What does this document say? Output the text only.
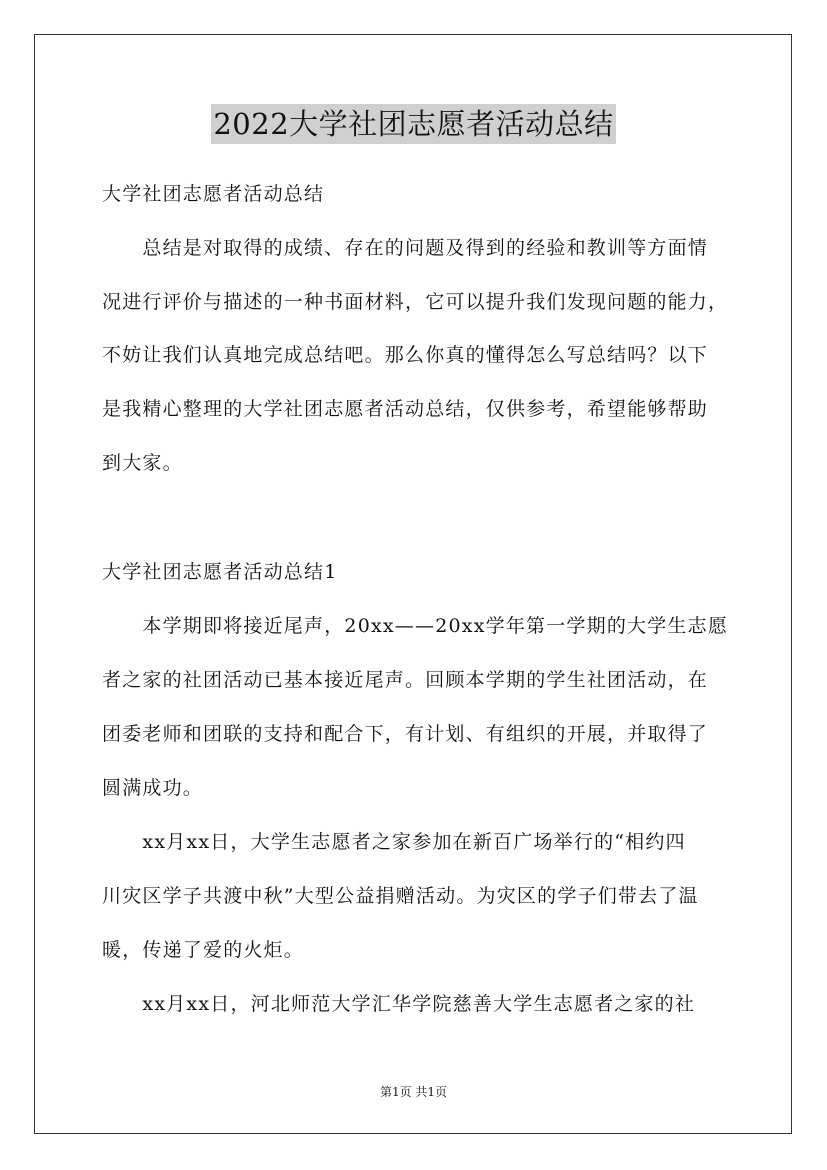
2022大学社团志愿者活动总结
大学社团志愿者活动总结
　　总结是对取得的成绩、存在的问题及得到的经验和教训等方面情
况进行评价与描述的一种书面材料，它可以提升我们发现问题的能力，
不妨让我们认真地完成总结吧。那么你真的懂得怎么写总结吗？以下
是我精心整理的大学社团志愿者活动总结，仅供参考，希望能够帮助
到大家。
大学社团志愿者活动总结1
　　本学期即将接近尾声，20xx——20xx学年第一学期的大学生志愿
者之家的社团活动已基本接近尾声。回顾本学期的学生社团活动，在
团委老师和团联的支持和配合下，有计划、有组织的开展，并取得了
圆满成功。
　　xx月xx日，大学生志愿者之家参加在新百广场举行的“相约四
川灾区学子共渡中秋”大型公益捐赠活动。为灾区的学子们带去了温
暖，传递了爱的火炬。
　　xx月xx日，河北师范大学汇华学院慈善大学生志愿者之家的社
第1页 共1页
